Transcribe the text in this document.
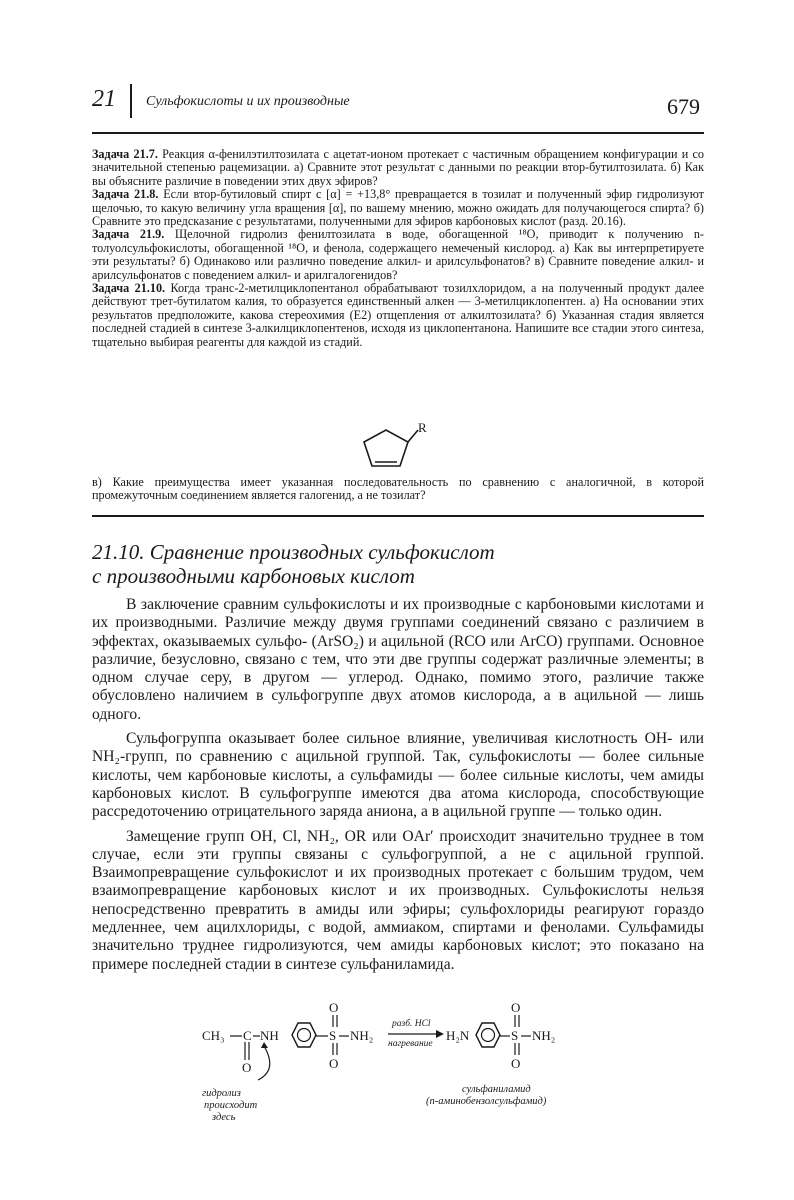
21 Сульфокислоты и их производные	679

Задача 21.7. Реакция α-фенилэтилтозилата с ацетат-ионом протекает с частичным обращением конфигурации и со значительной степенью рацемизации. а) Сравните этот результат с данными по реакции втор-бутилтозилата. б) Как вы объясните различие в поведении этих двух эфиров?

Задача 21.8. Если втор-бутиловый спирт с [α] = +13,8° превращается в тозилат и полученный эфир гидролизуют щелочью, то какую величину угла вращения [α], по вашему мнению, можно ожидать для получающегося спирта? б) Сравните это предсказание с результатами, полученными для эфиров карбоновых кислот (разд. 20.16).

Задача 21.9. Щелочной гидролиз фенилтозилата в воде, обогащенной ¹⁸O, приводит к получению n-толуолсульфокислоты, обогащенной ¹⁸O, и фенола, содержащего немеченый кислород. а) Как вы интерпретируете эти результаты? б) Одинаково или различно поведение алкил- и арилсульфонатов? в) Сравните поведение алкил- и арилсульфонатов с поведением алкил- и арилгалогенидов?

Задача 21.10. Когда транс-2-метилциклопентанол обрабатывают тозилхлоридом, а на полученный продукт далее действуют трет-бутилатом калия, то образуется единственный алкен — 3-метилциклопентен. а) На основании этих результатов предположите, какова стереохимия (E2) отщепления от алкилтозилата? б) Указанная стадия является последней стадией в синтезе 3-алкилциклопентенов, исходя из циклопентанона. Напишите все стадии этого синтеза, тщательно выбирая реагенты для каждой из стадий.

R

в) Какие преимущества имеет указанная последовательность по сравнению с аналогичной, в которой промежуточным соединением является галогенид, а не тозилат?

21.10. Сравнение производных сульфокислот
с производными карбоновых кислот

В заключение сравним сульфокислоты и их производные с карбоновыми кислотами и их производными. Различие между двумя группами соединений связано с различием в эффектах, оказываемых сульфо- (ArSO₂) и ацильной (RCO или ArCO) группами. Основное различие, безусловно, связано с тем, что эти две группы содержат различные элементы; в одном случае серу, в другом — углерод. Однако, помимо этого, различие также обусловлено наличием в сульфогруппе двух атомов кислорода, а в ацильной — лишь одного.

Сульфогруппа оказывает более сильное влияние, увеличивая кислотность OH- или NH₂-групп, по сравнению с ацильной группой. Так, сульфокислоты — более сильные кислоты, чем карбоновые кислоты, а сульфамиды — более сильные кислоты, чем амиды карбоновых кислот. В сульфогруппе имеются два атома кислорода, способствующие рассредоточению отрицательного заряда аниона, а в ацильной группе — только один.

Замещение групп OH, Cl, NH₂, OR или OAr′ происходит значительно труднее в том случае, если эти группы связаны с сульфогруппой, а не с ацильной группой. Взаимопревращение сульфокислот и их производных протекает с большим трудом, чем взаимопревращение карбоновых кислот и их производных. Сульфокислоты нельзя непосредственно превратить в амиды или эфиры; сульфохлориды реагируют гораздо медленнее, чем ацилхлориды, с водой, аммиаком, спиртами и фенолами. Сульфамиды значительно труднее гидролизуются, чем амиды карбоновых кислот; это показано на примере последней стадии в синтезе сульфаниламида.

CH₃ C NH
O
S
O
O
NH₂
разб. HCl
нагревание
H₂N	S
O
O
NH₂
гидролиз
происходит
здесь
сульфаниламид
(n-аминобензолсульфамид)
